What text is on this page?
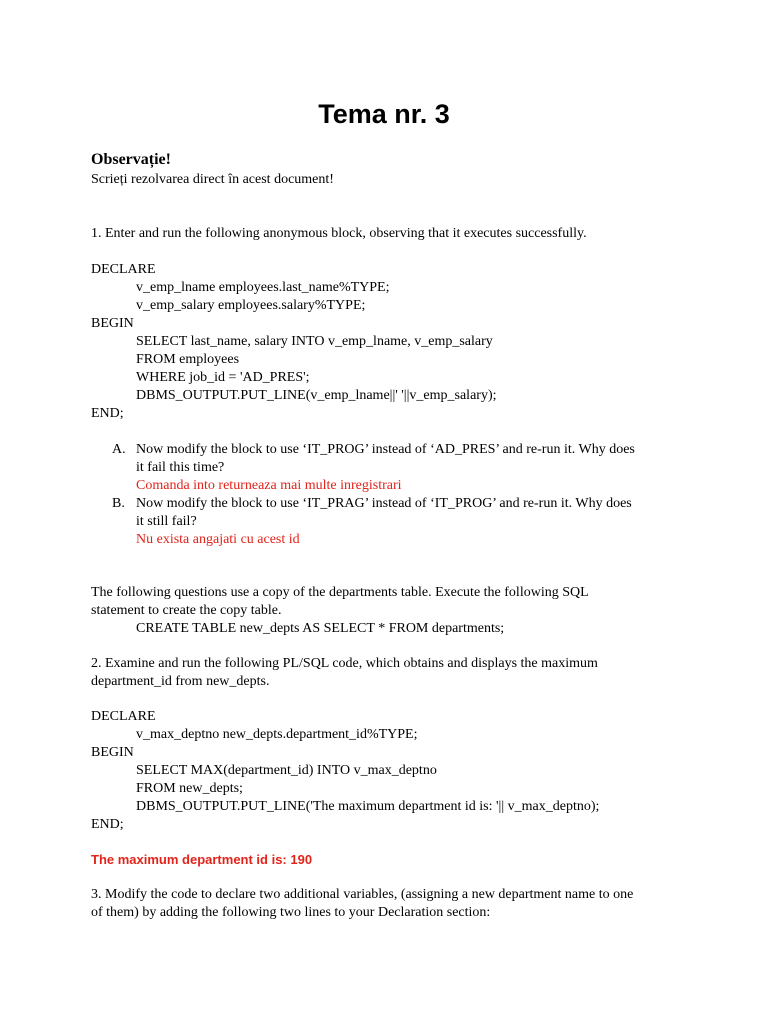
Tema nr. 3
Observație!
Scrieți rezolvarea direct în acest document!
1. Enter and run the following anonymous block, observing that it executes successfully.
DECLARE
v_emp_lname employees.last_name%TYPE;
v_emp_salary employees.salary%TYPE;
BEGIN
SELECT last_name, salary INTO v_emp_lname, v_emp_salary
FROM employees
WHERE job_id = 'AD_PRES';
DBMS_OUTPUT.PUT_LINE(v_emp_lname||' '||v_emp_salary);
END;
A. Now modify the block to use ‘IT_PROG’ instead of ‘AD_PRES’ and re-run it. Why does
it fail this time?
Comanda into returneaza mai multe inregistrari
B. Now modify the block to use ‘IT_PRAG’ instead of ‘IT_PROG’ and re-run it. Why does
it still fail?
Nu exista angajati cu acest id
The following questions use a copy of the departments table. Execute the following SQL
statement to create the copy table.
CREATE TABLE new_depts AS SELECT * FROM departments;
2. Examine and run the following PL/SQL code, which obtains and displays the maximum
department_id from new_depts.
DECLARE
v_max_deptno new_depts.department_id%TYPE;
BEGIN
SELECT MAX(department_id) INTO v_max_deptno
FROM new_depts;
DBMS_OUTPUT.PUT_LINE('The maximum department id is: '|| v_max_deptno);
END;
The maximum department id is: 190
3. Modify the code to declare two additional variables, (assigning a new department name to one
of them) by adding the following two lines to your Declaration section:
